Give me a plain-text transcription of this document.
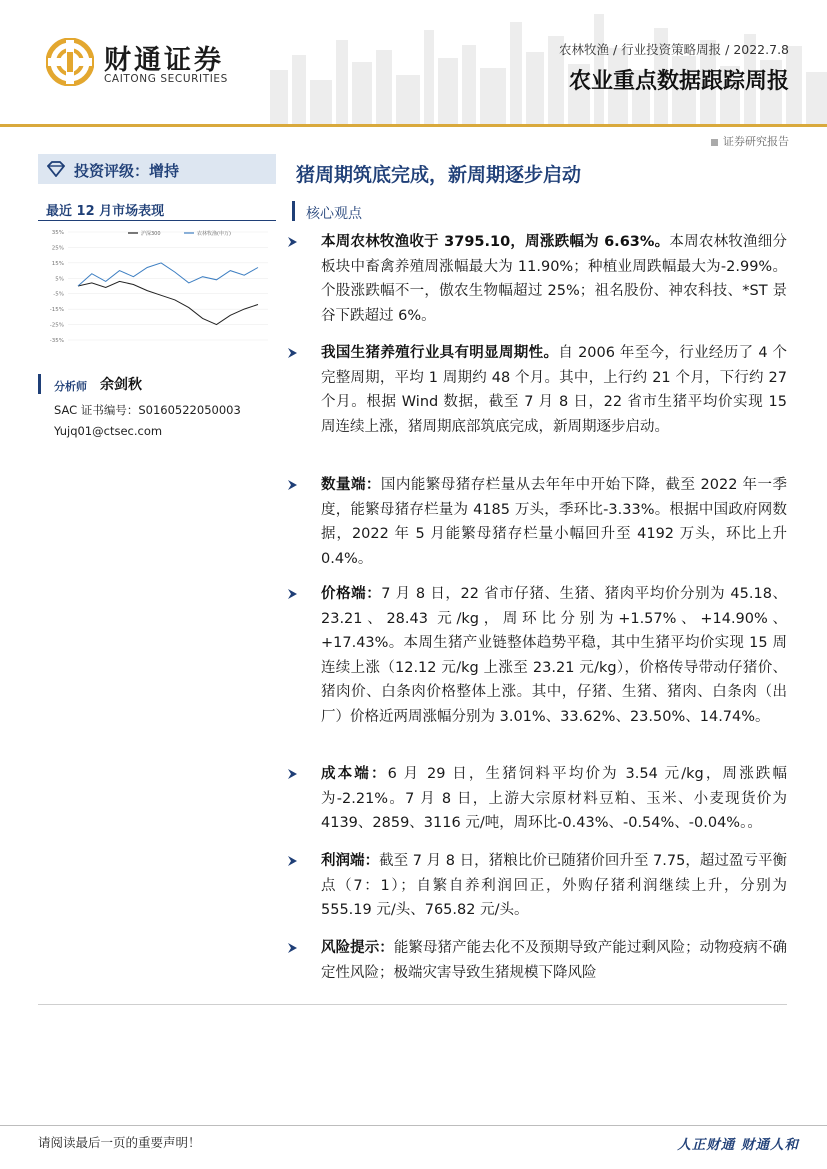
财通证券
CAITONG SECURITIES
农林牧渔 / 行业投资策略周报 / 2022.7.8
农业重点数据跟踪周报
证券研究报告
投资评级：增持
最近 12 月市场表现
35%
25%
15%
5%
-5%
-15%
-25%
-35%
沪深300	农林牧渔(申万)
分析师 余剑秋
SAC 证书编号：S0160522050003
Yujq01@ctsec.com
猪周期筑底完成，新周期逐步启动
核心观点
本周农林牧渔收于 3795.10，周涨跌幅为 6.63%。本周农林牧渔细分板块中畜禽养殖周涨幅最大为 11.90%；种植业周跌幅最大为-2.99%。个股涨跌幅不一，傲农生物幅超过 25%；祖名股份、神农科技、*ST 景谷下跌超过 6%。
我国生猪养殖行业具有明显周期性。自 2006 年至今，行业经历了 4 个完整周期，平均 1 周期约 48 个月。其中，上行约 21 个月，下行约 27 个月。根据 Wind 数据，截至 7 月 8 日，22 省市生猪平均价实现 15 周连续上涨，猪周期底部筑底完成，新周期逐步启动。
数量端：国内能繁母猪存栏量从去年年中开始下降，截至 2022 年一季度，能繁母猪存栏量为 4185 万头，季环比-3.33%。根据中国政府网数据，2022 年 5 月能繁母猪存栏量小幅回升至 4192 万头，环比上升 0.4%。
价格端：7 月 8 日，22 省市仔猪、生猪、猪肉平均价分别为 45.18、23.21、28.43 元/kg，周环比分别为+1.57%、+14.90%、+17.43%。本周生猪产业链整体趋势平稳，其中生猪平均价实现 15 周连续上涨（12.12 元/kg 上涨至 23.21 元/kg），价格传导带动仔猪价、猪肉价、白条肉价格整体上涨。其中，仔猪、生猪、猪肉、白条肉（出厂）价格近两周涨幅分别为 3.01%、33.62%、23.50%、14.74%。
成本端：6 月 29 日，生猪饲料平均价为 3.54 元/kg，周涨跌幅为-2.21%。7 月 8 日，上游大宗原材料豆粕、玉米、小麦现货价为 4139、2859、3116 元/吨，周环比-0.43%、-0.54%、-0.04%。。
利润端：截至 7 月 8 日，猪粮比价已随猪价回升至 7.75，超过盈亏平衡点（7：1）；自繁自养利润回正，外购仔猪利润继续上升，分别为 555.19 元/头、765.82 元/头。
风险提示：能繁母猪产能去化不及预期导致产能过剩风险；动物疫病不确定性风险；极端灾害导致生猪规模下降风险
请阅读最后一页的重要声明！	人正财通 财通人和
